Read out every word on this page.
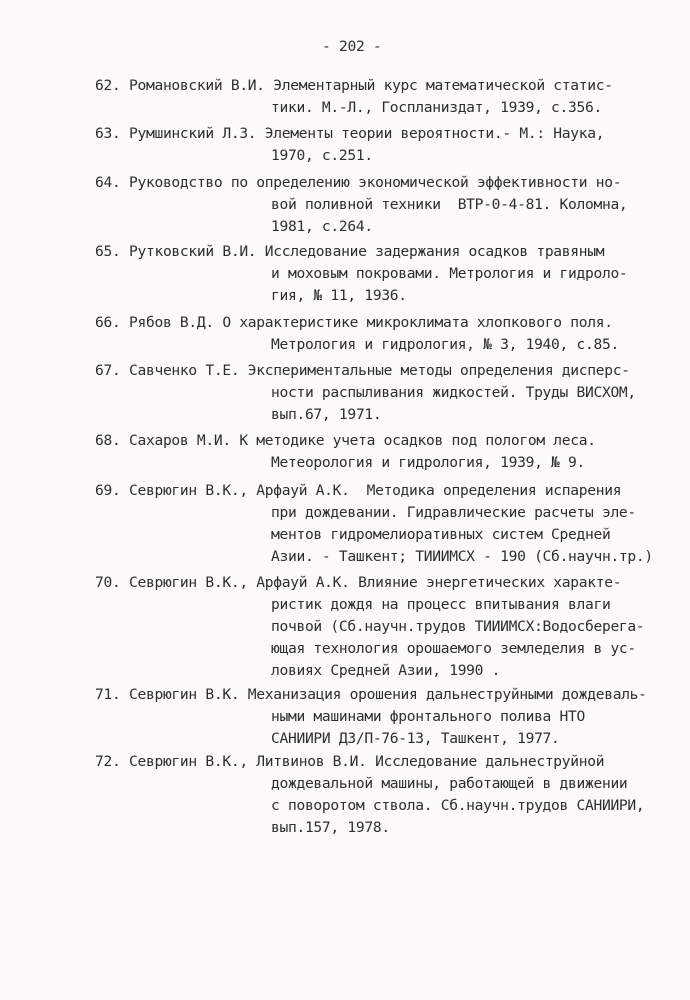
- 202 -
62. Романовский В.И. Элементарный курс математической статис-
тики. М.-Л., Госпланиздат, 1939, с.356.
63. Румшинский Л.З. Элементы теории вероятности.- М.: Наука,
1970, с.251.
64. Руководство по определению экономической эффективности но-
вой поливной техники  ВТР-0-4-81. Коломна,
1981, с.264.
65. Рутковский В.И. Исследование задержания осадков травяным
и моховым покровами. Метрология и гидроло-
гия, № 11, 1936.
66. Рябов В.Д. О характеристике микроклимата хлопкового поля.
Метрология и гидрология, № 3, 1940, с.85.
67. Савченко Т.Е. Экспериментальные методы определения дисперс-
ности распыливания жидкостей. Труды ВИСХОМ,
вып.67, 1971.
68. Сахаров М.И. К методике учета осадков под пологом леса.
Метеорология и гидрология, 1939, № 9.
69. Севрюгин В.К., Арфауй А.К.  Методика определения испарения
при дождевании. Гидравлические расчеты эле-
ментов гидромелиоративных систем Средней
Азии. - Ташкент; ТИИИМСХ - 190 (Сб.научн.тр.)
70. Севрюгин В.К., Арфауй А.К. Влияние энергетических характе-
ристик дождя на процесс впитывания влаги
почвой (Сб.научн.трудов ТИИИМСХ:Водосберега-
ющая технология орошаемого земледелия в ус-
ловиях Средней Азии, 1990 .
71. Севрюгин В.К. Механизация орошения дальнеструйными дождеваль-
ными машинами фронтального полива НТО
САНИИРИ ДЗ/П-76-13, Ташкент, 1977.
72. Севрюгин В.К., Литвинов В.И. Исследование дальнеструйной
дождевальной машины, работающей в движении
с поворотом ствола. Сб.научн.трудов САНИИРИ,
вып.157, 1978.
